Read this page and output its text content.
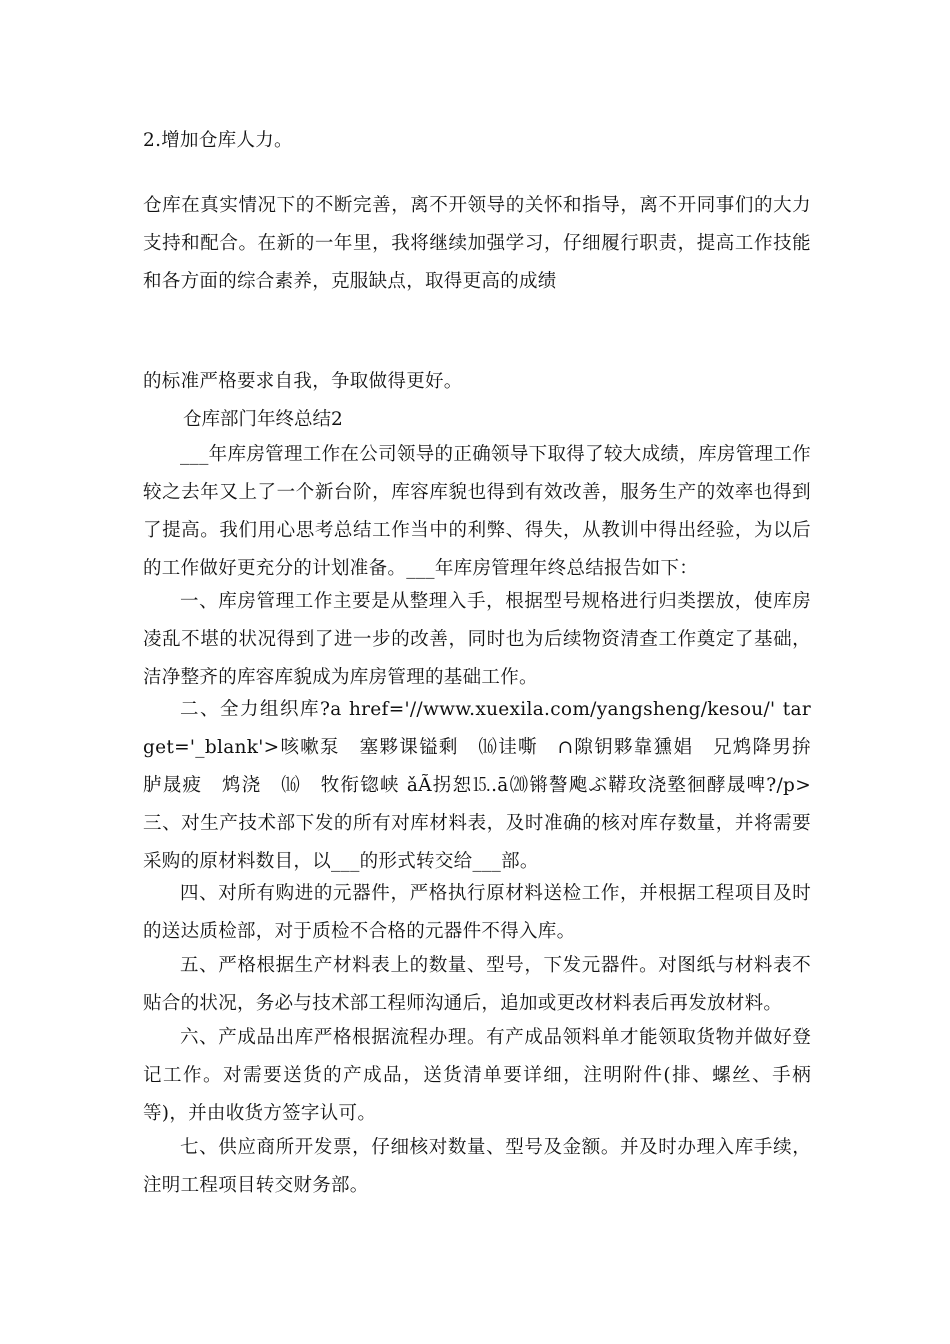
2.增加仓库人力。

仓库在真实情况下的不断完善，离不开领导的关怀和指导，离不开同事们的大力支持和配合。在新的一年里，我将继续加强学习，仔细履行职责，提高工作技能和各方面的综合素养，克服缺点，取得更高的成绩

的标准严格要求自我，争取做得更好。

仓库部门年终总结2

___年库房管理工作在公司领导的正确领导下取得了较大成绩，库房管理工作较之去年又上了一个新台阶，库容库貌也得到有效改善，服务生产的效率也得到了提高。我们用心思考总结工作当中的利弊、得失，从教训中得出经验，为以后的工作做好更充分的计划准备。___年库房管理年终总结报告如下：

一、库房管理工作主要是从整理入手，根据型号规格进行归类摆放，使库房凌乱不堪的状况得到了进一步的改善，同时也为后续物资清查工作奠定了基础，洁净整齐的库容库貌成为库房管理的基础工作。

二、全力组织库?a href='//www.xuexila.com/yangsheng/kesou/' target='_blank'>咳嗽泵　塞夥课镒剩　⒃诖嘶　∩隙钥夥靠獯娼　兄鸩降男拚　胪晟疲　鸩浇　⒃　牧衔锪峡 ǎÃ拐恕⒖.ā⒇锵謷飑ぶ鞯玫浇墪徊酵晟啤?/p>　　三、对生产技术部下发的所有对库材料表，及时准确的核对库存数量，并将需要采购的原材料数目，以___的形式转交给___部。

四、对所有购进的元器件，严格执行原材料送检工作，并根据工程项目及时的送达质检部，对于质检不合格的元器件不得入库。

五、严格根据生产材料表上的数量、型号，下发元器件。对图纸与材料表不贴合的状况，务必与技术部工程师沟通后，追加或更改材料表后再发放材料。

六、产成品出库严格根据流程办理。有产成品领料单才能领取货物并做好登记工作。对需要送货的产成品，送货清单要详细，注明附件(排、螺丝、手柄等)，并由收货方签字认可。

七、供应商所开发票，仔细核对数量、型号及金额。并及时办理入库手续，注明工程项目转交财务部。
